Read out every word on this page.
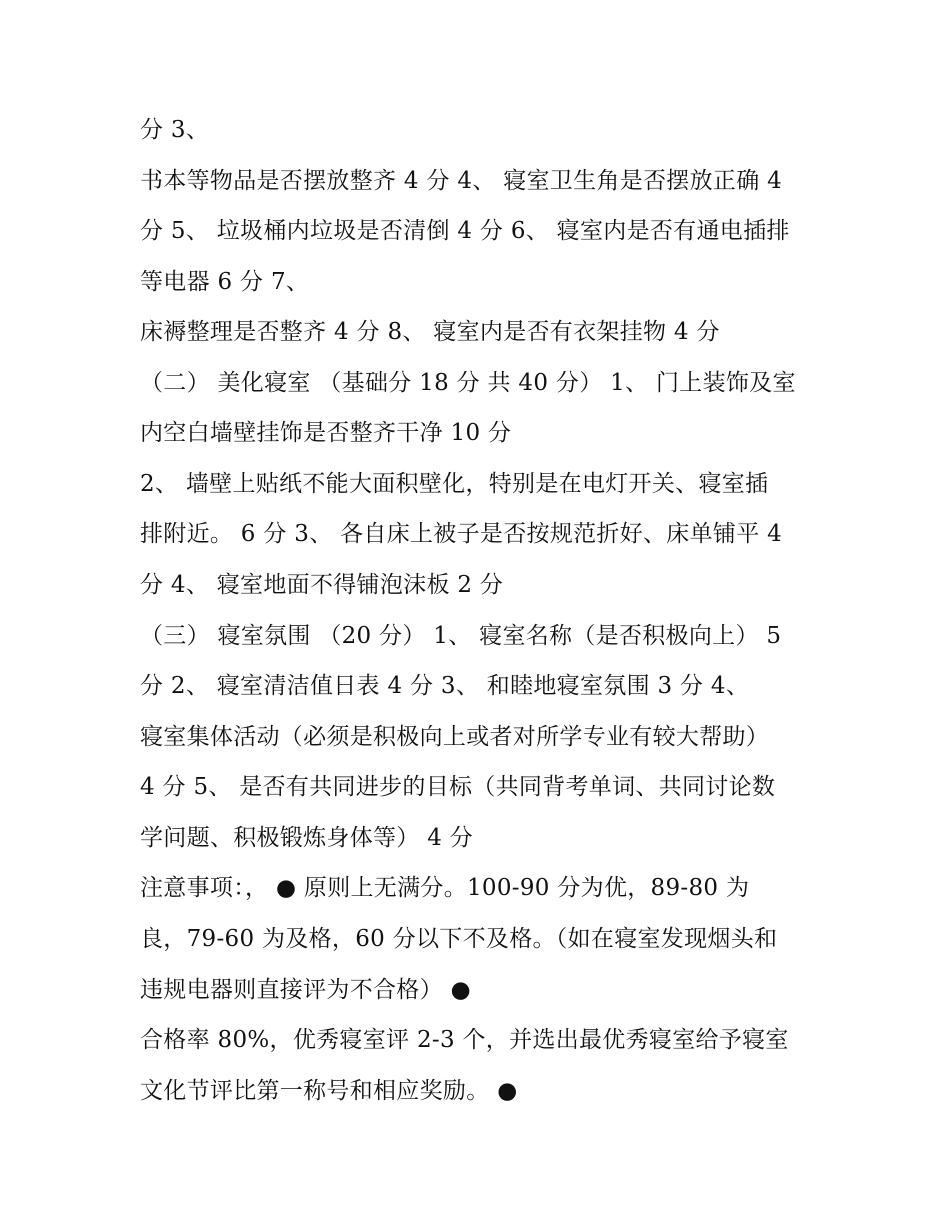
分 3、
书本等物品是否摆放整齐 4 分 4、 寝室卫生角是否摆放正确 4
分 5、 垃圾桶内垃圾是否清倒 4 分 6、 寝室内是否有通电插排
等电器 6 分 7、
床褥整理是否整齐 4 分 8、 寝室内是否有衣架挂物 4 分
（二） 美化寝室 （基础分 18 分 共 40 分） 1、 门上装饰及室
内空白墙壁挂饰是否整齐干净 10 分
2、 墙壁上贴纸不能大面积壁化，特别是在电灯开关、寝室插
排附近。 6 分 3、 各自床上被子是否按规范折好、床单铺平 4
分 4、 寝室地面不得铺泡沫板 2 分
（三） 寝室氛围 （20 分） 1、 寝室名称（是否积极向上） 5
分 2、 寝室清洁值日表 4 分 3、 和睦地寝室氛围 3 分 4、
寝室集体活动（必须是积极向上或者对所学专业有较大帮助）
4 分 5、 是否有共同进步的目标（共同背考单词、共同讨论数
学问题、积极锻炼身体等） 4 分
注意事项：， ● 原则上无满分。100-90 分为优，89-80 为
良，79-60 为及格，60 分以下不及格。（如在寝室发现烟头和
违规电器则直接评为不合格） ●
合格率 80%，优秀寝室评 2-3 个，并选出最优秀寝室给予寝室
文化节评比第一称号和相应奖励。 ●
